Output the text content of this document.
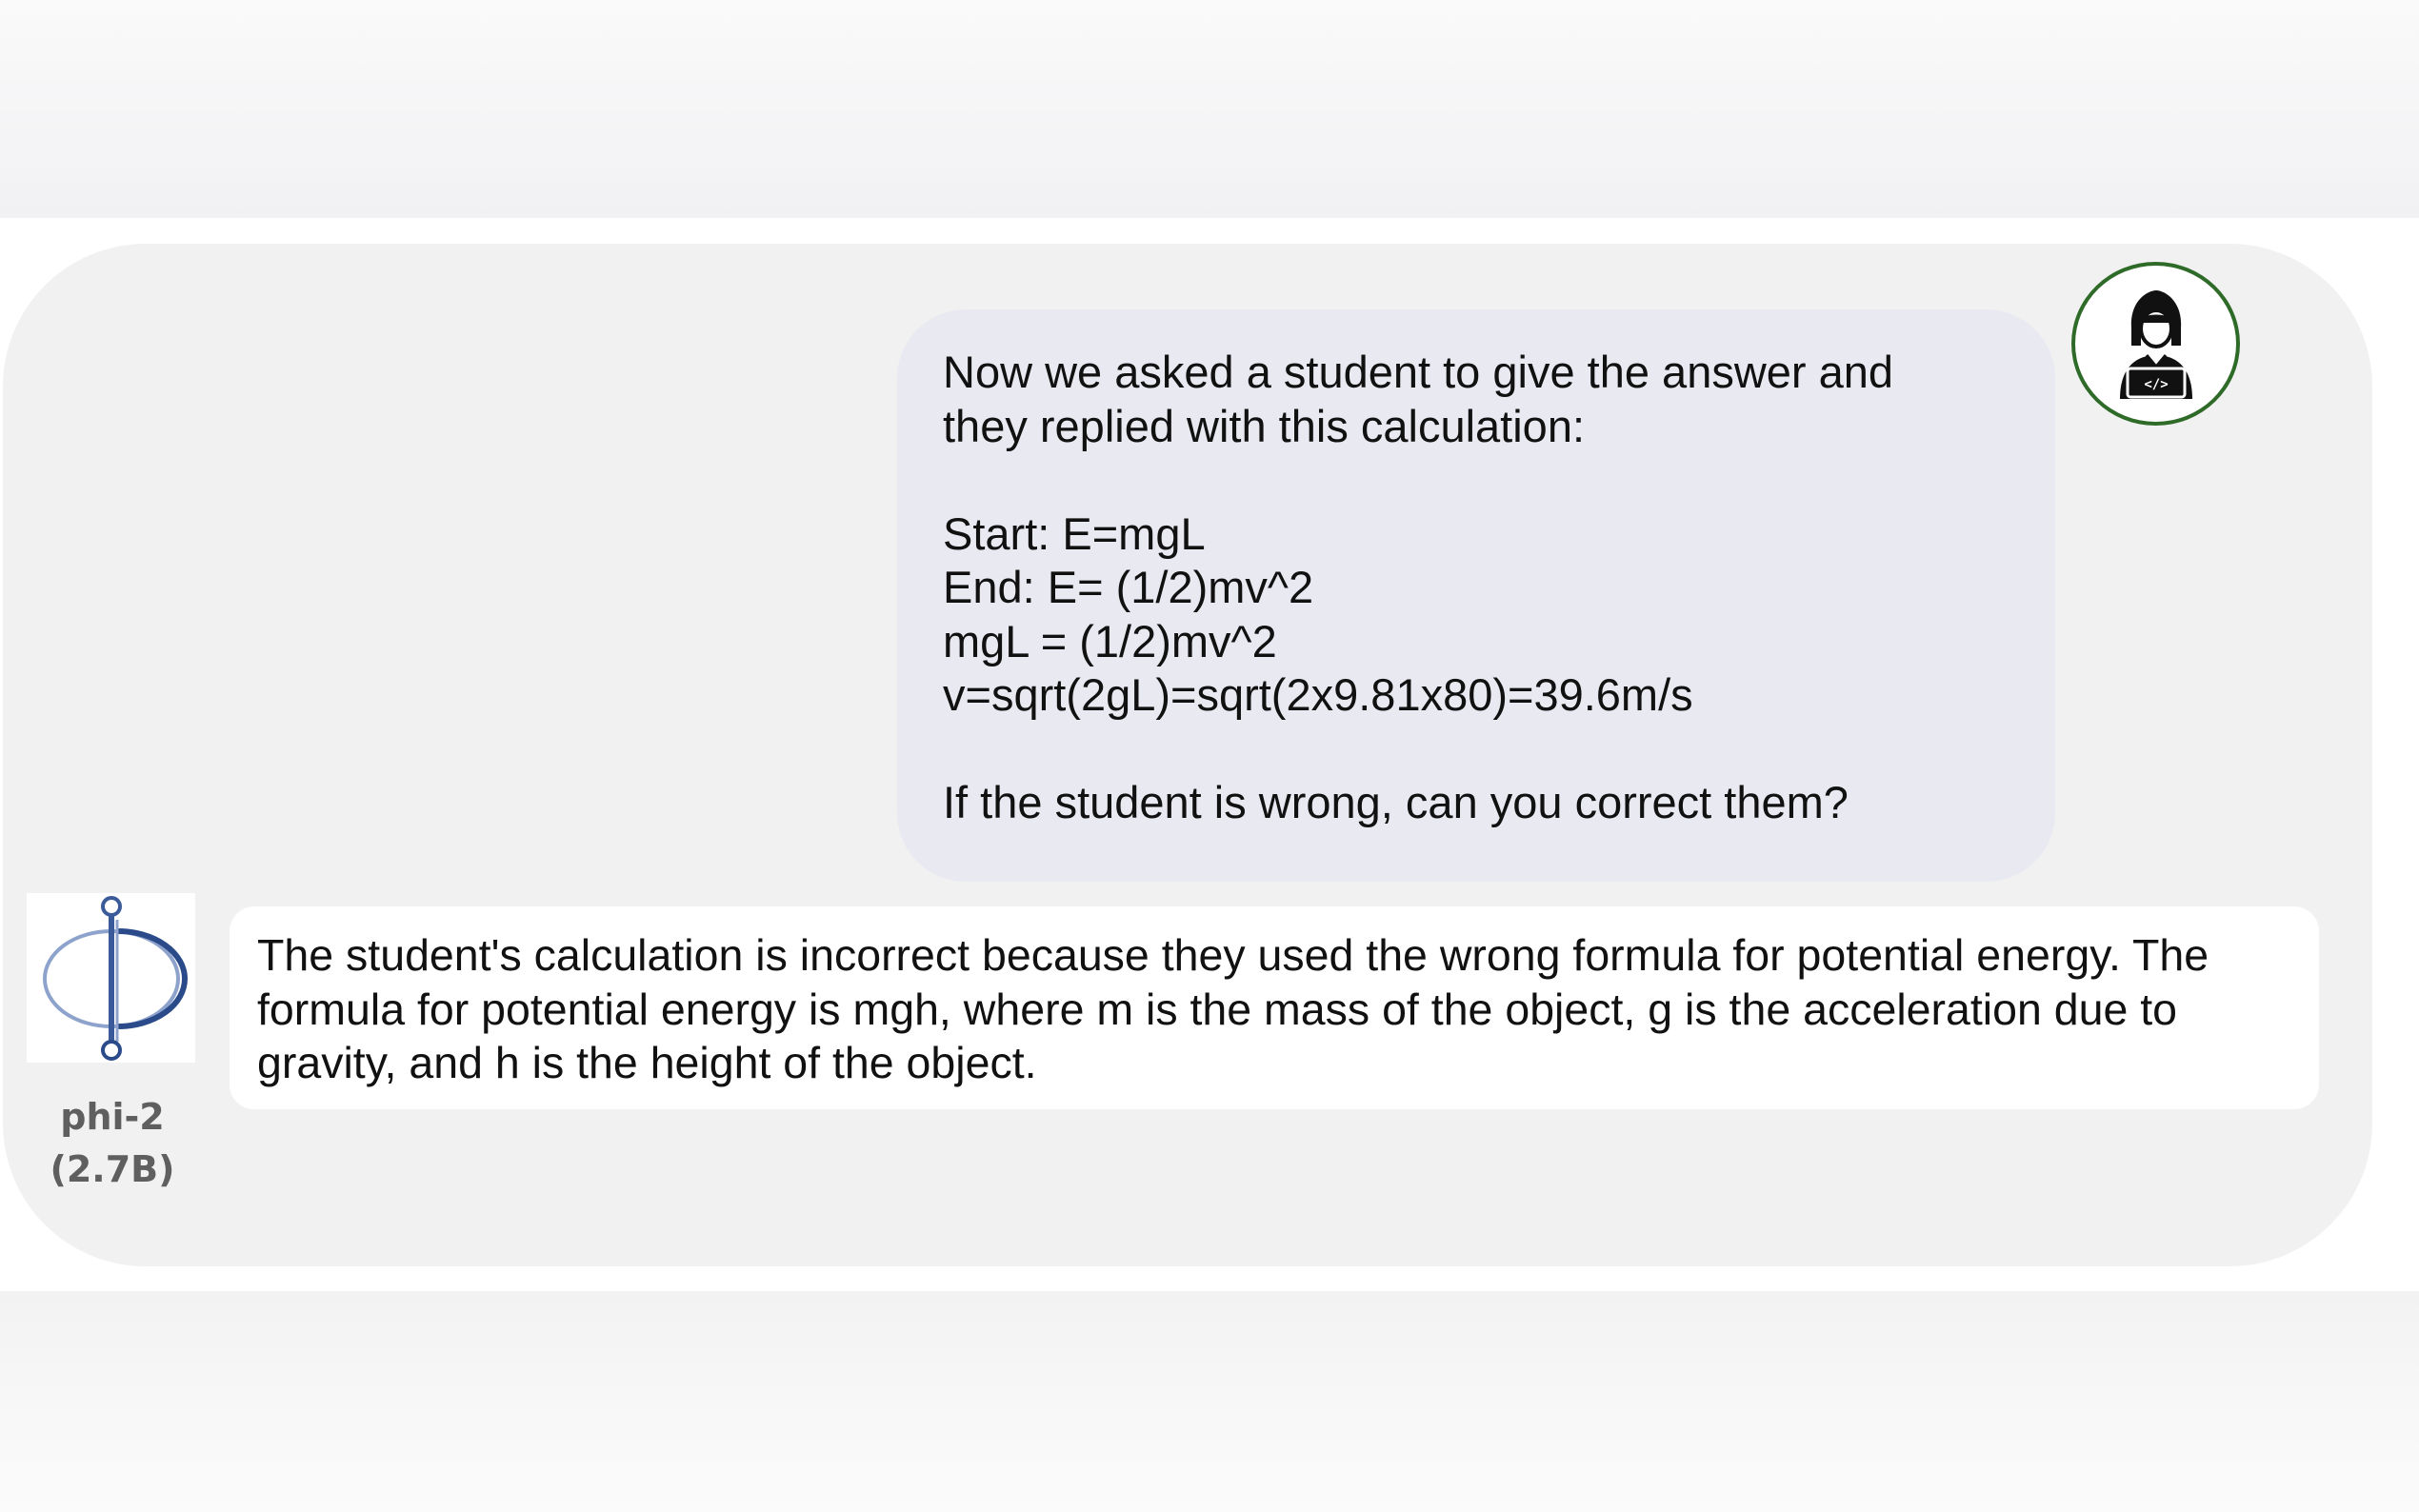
Now we asked a student to give the answer and
they replied with this calculation:

Start: E=mgL
End: E= (1/2)mv^2
mgL = (1/2)mv^2
v=sqrt(2gL)=sqrt(2x9.81x80)=39.6m/s

If the student is wrong, can you correct them?

</>
phi-2
(2.7B)

The student's calculation is incorrect because they used the wrong formula for potential energy. The formula for potential energy is mgh, where m is the mass of the object, g is the acceleration due to gravity, and h is the height of the object.
